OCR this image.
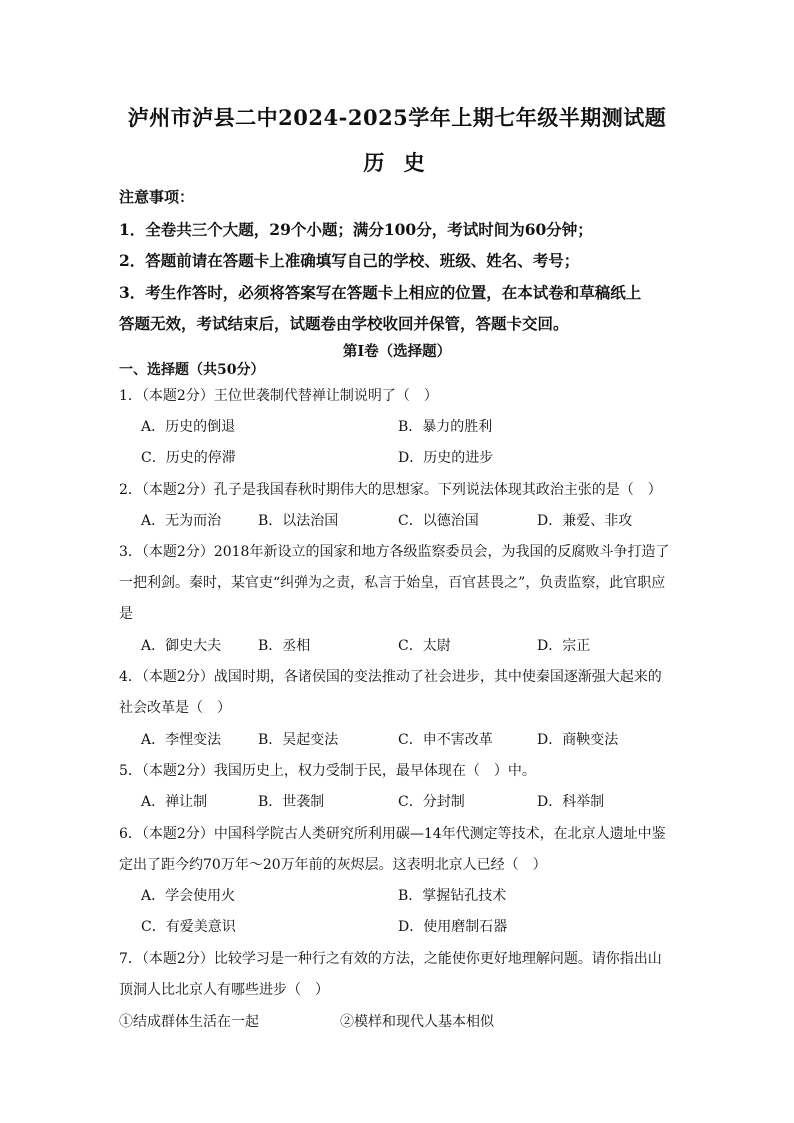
泸州市泸县二中2024-2025学年上期七年级半期测试题
历 史
注意事项：
1．全卷共三个大题，29个小题；满分100分，考试时间为60分钟；
2．答题前请在答题卡上准确填写自己的学校、班级、姓名、考号；
3．考生作答时，必须将答案写在答题卡上相应的位置，在本试卷和草稿纸上
答题无效，考试结束后，试题卷由学校收回并保管，答题卡交回。
第Ⅰ卷（选择题）
一、选择题（共50分）
1．（本题2分）王位世袭制代替禅让制说明了（　）
A．历史的倒退	B．暴力的胜利
C．历史的停滞	D．历史的进步
2．（本题2分）孔子是我国春秋时期伟大的思想家。下列说法体现其政治主张的是（　）
A．无为而治	B．以法治国	C．以德治国	D．兼爱、非攻
3．（本题2分）2018年新设立的国家和地方各级监察委员会，为我国的反腐败斗争打造了
一把利剑。秦时，某官吏“纠弹为之责，私言于始皇，百官甚畏之”，负责监察，此官职应
是
A．御史大夫	B．丞相	C．太尉	D．宗正
4．（本题2分）战国时期，各诸侯国的变法推动了社会进步，其中使秦国逐渐强大起来的
社会改革是（　）
A．李悝变法	B．吴起变法	C．申不害改革	D．商鞅变法
5．（本题2分）我国历史上，权力受制于民，最早体现在（　）中。
A．禅让制	B．世袭制	C．分封制	D．科举制
6．（本题2分）中国科学院古人类研究所利用碳—14年代测定等技术，在北京人遗址中鉴
定出了距今约70万年～20万年前的灰烬层。这表明北京人已经（　）
A．学会使用火	B．掌握钻孔技术
C．有爱美意识	D．使用磨制石器
7．（本题2分）比较学习是一种行之有效的方法，之能使你更好地理解问题。请你指出山
顶洞人比北京人有哪些进步（　）
①结成群体生活在一起	②模样和现代人基本相似
